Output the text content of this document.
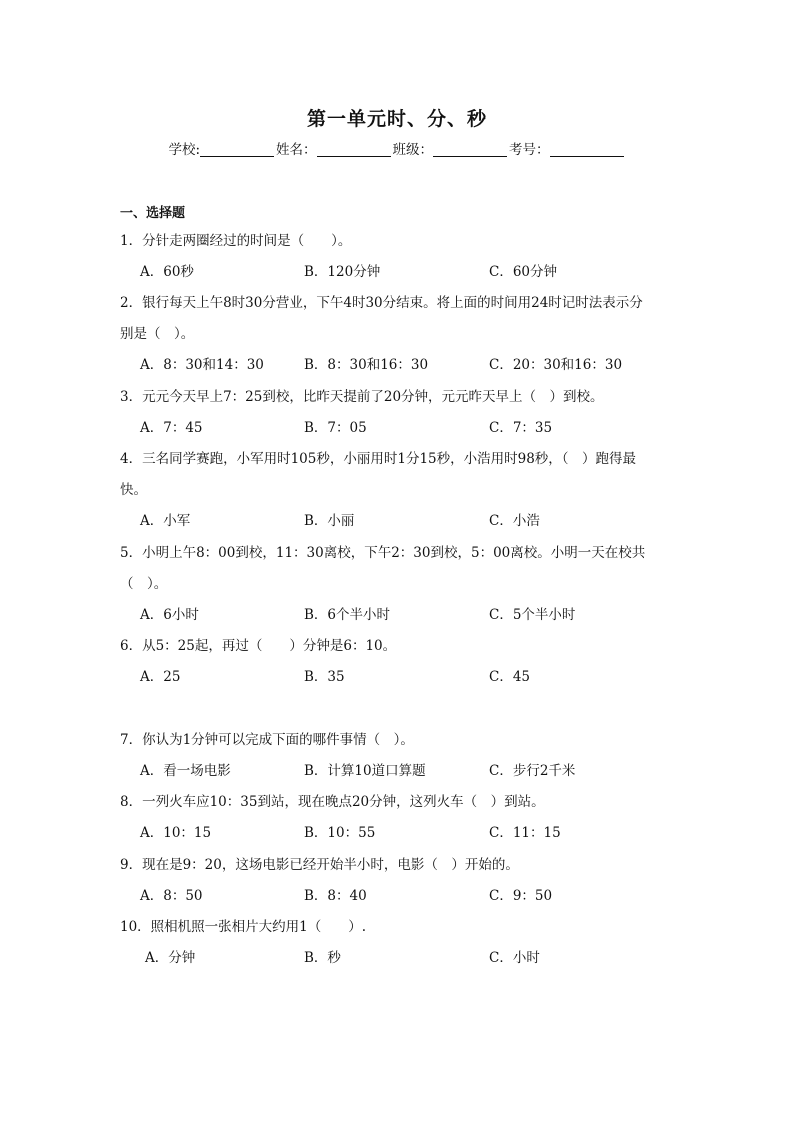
第一单元时、分、秒
学校:	姓名：	班级：	考号：
一、选择题
1．分针走两圈经过的时间是（　　）。
A．60秒	B．120分钟	C．60分钟
2．银行每天上午8时30分营业，下午4时30分结束。将上面的时间用24时记时法表示分
别是（　）。
A．8：30和14：30	B．8：30和16：30	C．20：30和16：30
3．元元今天早上7：25到校，比昨天提前了20分钟，元元昨天早上（　）到校。
A．7：45	B．7：05	C．7：35
4．三名同学赛跑，小军用时105秒，小丽用时1分15秒，小浩用时98秒，（　）跑得最
快。
A．小军	B．小丽	C．小浩
5．小明上午8：00到校，11：30离校，下午2：30到校，5：00离校。小明一天在校共
（　）。
A．6小时	B．6个半小时	C．5个半小时
6．从5：25起，再过（　　）分钟是6：10。
A．25	B．35	C．45
7．你认为1分钟可以完成下面的哪件事情（　）。
A．看一场电影	B．计算10道口算题	C．步行2千米
8．一列火车应10：35到站，现在晚点20分钟，这列火车（　）到站。
A．10：15	B．10：55	C．11：15
9．现在是9：20，这场电影已经开始半小时，电影（　）开始的。
A．8：50	B．8：40	C．9：50
10．照相机照一张相片大约用1（　　）.
A．分钟	B．秒	C．小时
